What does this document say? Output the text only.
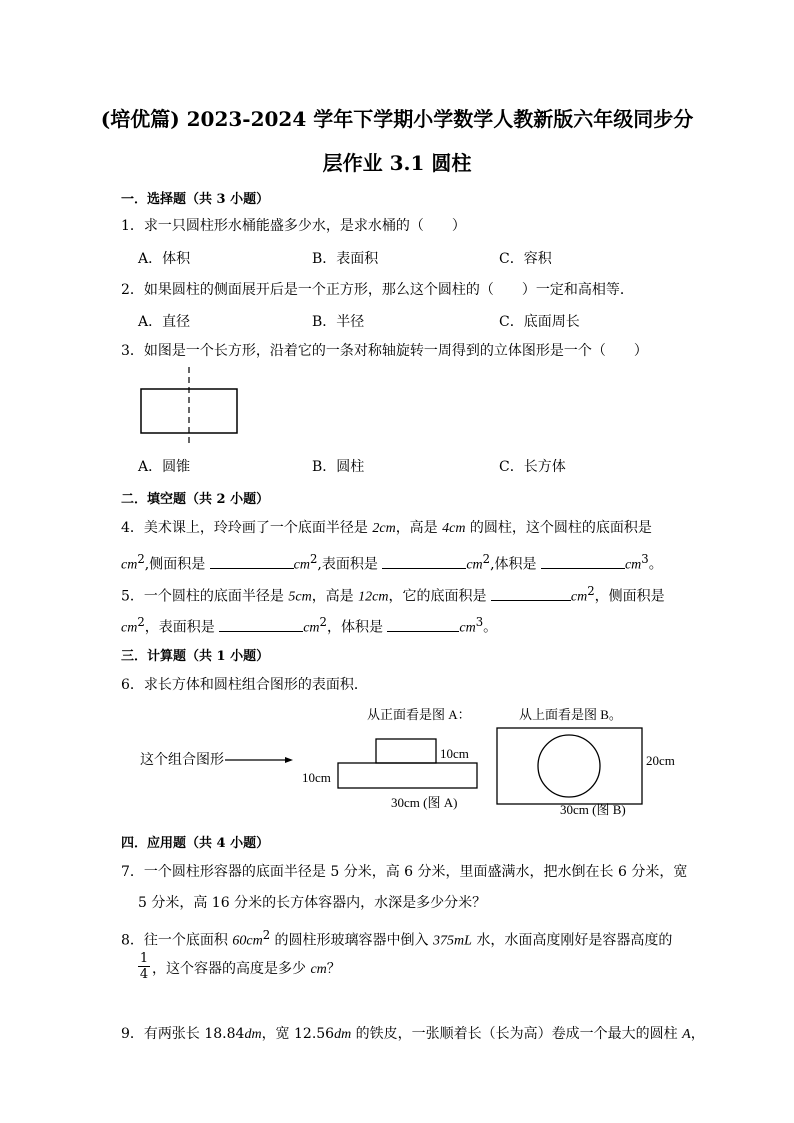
(培优篇) 2023-2024 学年下学期小学数学人教新版六年级同步分
层作业 3.1 圆柱
一．选择题（共 3 小题）
1．求一只圆柱形水桶能盛多少水，是求水桶的（　　）
A．体积	B．表面积	C．容积
2．如果圆柱的侧面展开后是一个正方形，那么这个圆柱的（　　）一定和高相等．
A．直径	B．半径	C．底面周长
3．如图是一个长方形，沿着它的一条对称轴旋转一周得到的立体图形是一个（　　）
A．圆锥	B．圆柱	C．长方体
二．填空题（共 2 小题）
4．美术课上，玲玲画了一个底面半径是 2cm，高是 4cm 的圆柱，这个圆柱的底面积是
$cm^2$,侧面积是	$cm^2$,表面积是	$cm^2$,体积是	$cm^3$。
5．一个圆柱的底面半径是 5cm，高是 12cm，它的底面积是	$cm^2$，侧面积是
$cm^2$，表面积是	$cm^2$，体积是	$cm^3$。
三．计算题（共 1 小题）
6．求长方体和圆柱组合图形的表面积．
这个组合图形
从正面看是图 A：
10cm
10cm
30cm (图 A)
从上面看是图 B。
20cm
30cm (图 B)
四．应用题（共 4 小题）
7．一个圆柱形容器的底面半径是 5 分米，高 6 分米，里面盛满水，把水倒在长 6 分米，宽
5 分米，高 16 分米的长方体容器内，水深是多少分米？
8．往一个底面积 $60cm^2$ 的圆柱形玻璃容器中倒入 375mL 水，水面高度刚好是容器高度的
1
4 ，这个容器的高度是多少 cm？
9．有两张长 18.84dm，宽 12.56dm 的铁皮，一张顺着长（长为高）卷成一个最大的圆柱 A，
